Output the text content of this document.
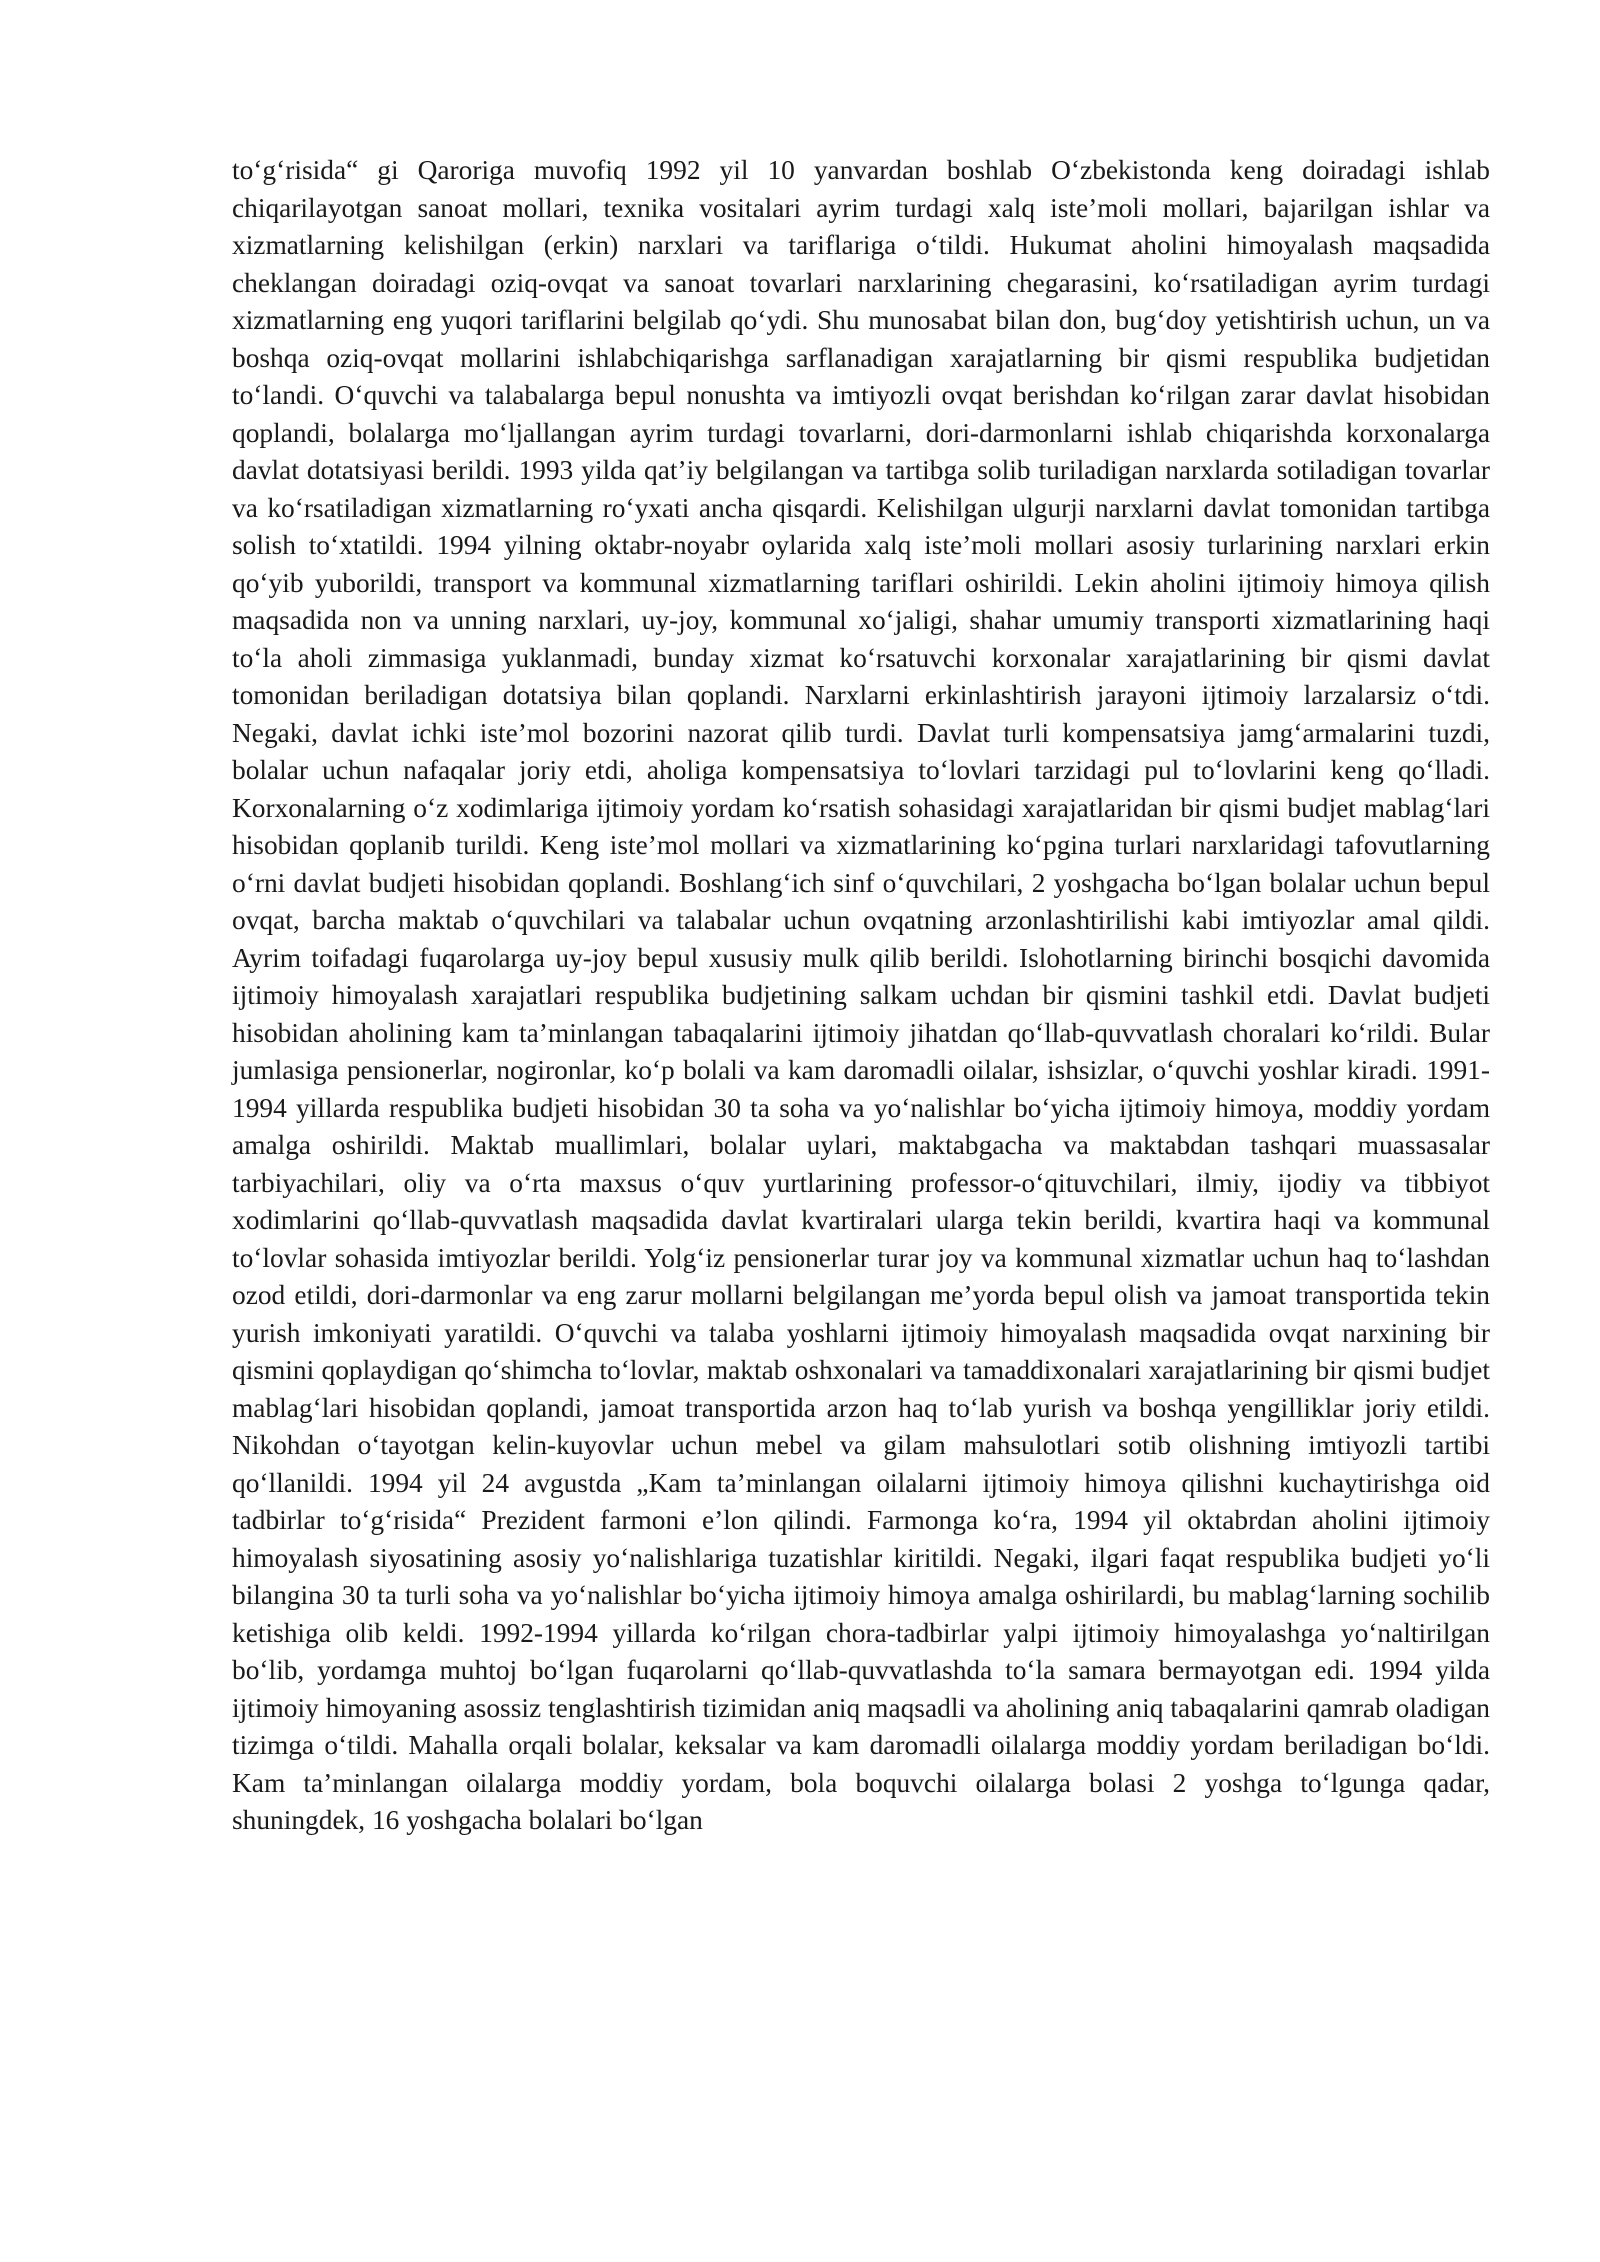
to‘g‘risida“ gi Qaroriga muvofiq 1992 yil 10 yanvardan boshlab O‘zbekistonda keng doiradagi ishlab chiqarilayotgan sanoat mollari, texnika vositalari ayrim turdagi xalq iste’moli mollari, bajarilgan ishlar va xizmatlarning kelishilgan (erkin) narxlari va tariflariga o‘tildi. Hukumat aholini himoyalash maqsadida cheklangan doiradagi oziq-ovqat va sanoat tovarlari narxlarining chegarasini, ko‘rsatiladigan ayrim turdagi xizmatlarning eng yuqori tariflarini belgilab qo‘ydi. Shu munosabat bilan don, bug‘doy yetishtirish uchun, un va boshqa oziq-ovqat mollarini ishlabchiqarishga sarflanadigan xarajatlarning bir qismi respublika budjetidan to‘landi. O‘quvchi va talabalarga bepul nonushta va imtiyozli ovqat berishdan ko‘rilgan zarar davlat hisobidan qoplandi, bolalarga mo‘ljallangan ayrim turdagi tovarlarni, dori-darmonlarni ishlab chiqarishda korxonalarga davlat dotatsiyasi berildi. 1993 yilda qat’iy belgilangan va tartibga solib turiladigan narxlarda sotiladigan tovarlar va ko‘rsatiladigan xizmatlarning ro‘yxati ancha qisqardi. Kelishilgan ulgurji narxlarni davlat tomonidan tartibga solish to‘xtatildi. 1994 yilning oktabr-noyabr oylarida xalq iste’moli mollari asosiy turlarining narxlari erkin qo‘yib yuborildi, transport va kommunal xizmatlarning tariflari oshirildi. Lekin aholini ijtimoiy himoya qilish maqsadida non va unning narxlari, uy-joy, kommunal xo‘jaligi, shahar umumiy transporti xizmatlarining haqi to‘la aholi zimmasiga yuklanmadi, bunday xizmat ko‘rsatuvchi korxonalar xarajatlarining bir qismi davlat tomonidan beriladigan dotatsiya bilan qoplandi. Narxlarni erkinlashtirish jarayoni ijtimoiy larzalarsiz o‘tdi. Negaki, davlat ichki iste’mol bozorini nazorat qilib turdi. Davlat turli kompensatsiya jamg‘armalarini tuzdi, bolalar uchun nafaqalar joriy etdi, aholiga kompensatsiya to‘lovlari tarzidagi pul to‘lovlarini keng qo‘lladi. Korxonalarning o‘z xodimlariga ijtimoiy yordam ko‘rsatish sohasidagi xarajatlaridan bir qismi budjet mablag‘lari hisobidan qoplanib turildi. Keng iste’mol mollari va xizmatlarining ko‘pgina turlari narxlaridagi tafovutlarning o‘rni davlat budjeti hisobidan qoplandi. Boshlang‘ich sinf o‘quvchilari, 2 yoshgacha bo‘lgan bolalar uchun bepul ovqat, barcha maktab o‘quvchilari va talabalar uchun ovqatning arzonlashtirilishi kabi imtiyozlar amal qildi. Ayrim toifadagi fuqarolarga uy-joy bepul xususiy mulk qilib berildi. Islohotlarning birinchi bosqichi davomida ijtimoiy himoyalash xarajatlari respublika budjetining salkam uchdan bir qismini tashkil etdi. Davlat budjeti hisobidan aholining kam ta’minlangan tabaqalarini ijtimoiy jihatdan qo‘llab-quvvatlash choralari ko‘rildi. Bular jumlasiga pensionerlar, nogironlar, ko‘p bolali va kam daromadli oilalar, ishsizlar, o‘quvchi yoshlar kiradi. 1991-1994 yillarda respublika budjeti hisobidan 30 ta soha va yo‘nalishlar bo‘yicha ijtimoiy himoya, moddiy yordam amalga oshirildi. Maktab muallimlari, bolalar uylari, maktabgacha va maktabdan tashqari muassasalar tarbiyachilari, oliy va o‘rta maxsus o‘quv yurtlarining professor-o‘qituvchilari, ilmiy, ijodiy va tibbiyot xodimlarini qo‘llab-quvvatlash maqsadida davlat kvartiralari ularga tekin berildi, kvartira haqi va kommunal to‘lovlar sohasida imtiyozlar berildi. Yolg‘iz pensionerlar turar joy va kommunal xizmatlar uchun haq to‘lashdan ozod etildi, dori-darmonlar va eng zarur mollarni belgilangan me’yorda bepul olish va jamoat transportida tekin yurish imkoniyati yaratildi. O‘quvchi va talaba yoshlarni ijtimoiy himoyalash maqsadida ovqat narxining bir qismini qoplaydigan qo‘shimcha to‘lovlar, maktab oshxonalari va tamaddixonalari xarajatlarining bir qismi budjet mablag‘lari hisobidan qoplandi, jamoat transportida arzon haq to‘lab yurish va boshqa yengilliklar joriy etildi. Nikohdan o‘tayotgan kelin-kuyovlar uchun mebel va gilam mahsulotlari sotib olishning imtiyozli tartibi qo‘llanildi. 1994 yil 24 avgustda „Kam ta’minlangan oilalarni ijtimoiy himoya qilishni kuchaytirishga oid tadbirlar to‘g‘risida“ Prezident farmoni e’lon qilindi. Farmonga ko‘ra, 1994 yil oktabrdan aholini ijtimoiy himoyalash siyosatining asosiy yo‘nalishlariga tuzatishlar kiritildi. Negaki, ilgari faqat respublika budjeti yo‘li bilangina 30 ta turli soha va yo‘nalishlar bo‘yicha ijtimoiy himoya amalga oshirilardi, bu mablag‘larning sochilib ketishiga olib keldi. 1992-1994 yillarda ko‘rilgan chora-tadbirlar yalpi ijtimoiy himoyalashga yo‘naltirilgan bo‘lib, yordamga muhtoj bo‘lgan fuqarolarni qo‘llab-quvvatlashda to‘la samara bermayotgan edi. 1994 yilda ijtimoiy himoyaning asossiz tenglashtirish tizimidan aniq maqsadli va aholining aniq tabaqalarini qamrab oladigan tizimga o‘tildi. Mahalla orqali bolalar, keksalar va kam daromadli oilalarga moddiy yordam beriladigan bo‘ldi. Kam ta’minlangan oilalarga moddiy yordam, bola boquvchi oilalarga bolasi 2 yoshga to‘lgunga qadar, shuningdek, 16 yoshgacha bolalari bo‘lgan
